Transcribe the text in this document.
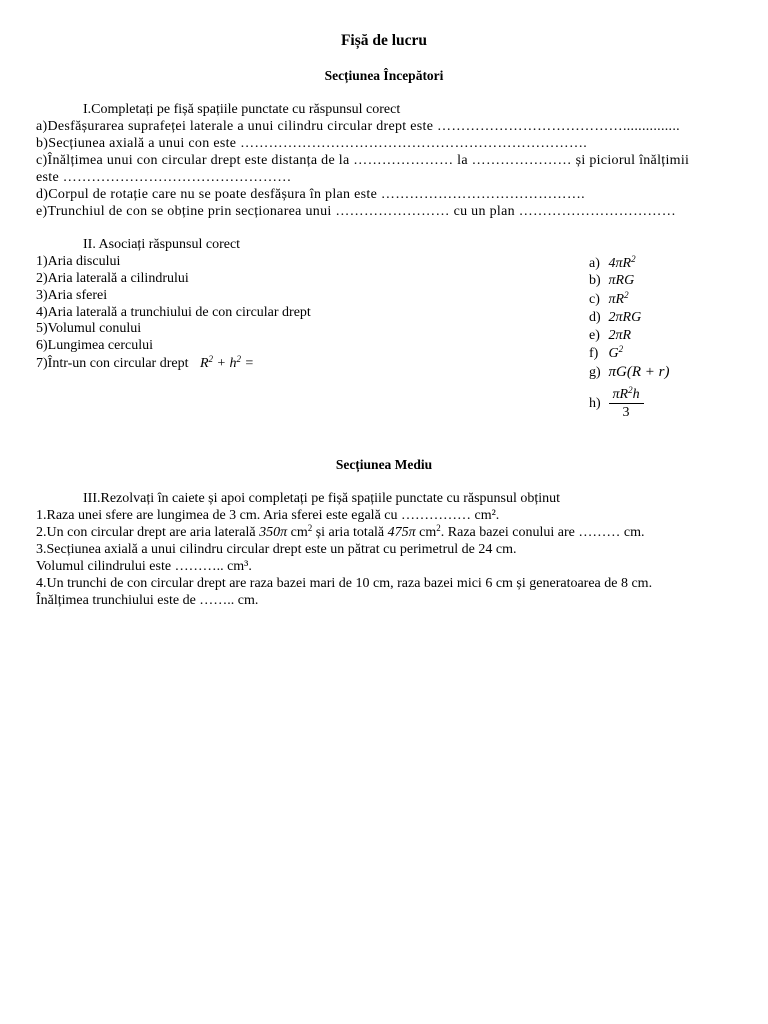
Fișă de lucru
Secțiunea Începători
I.Completați pe fișă spațiile punctate cu răspunsul corect
a)Desfășurarea suprafeței laterale a unui cilindru circular drept este …………………………………...............
b)Secțiunea axială a unui con este ……………………………………………………………….
c)Înălțimea unui con circular drept este distanța de la ………………… la ………………… și piciorul înălțimii
este …………………………………………
d)Corpul de rotație care nu se poate desfășura în plan este …………………………………….
e)Trunchiul de con se obține prin secționarea unui …………………… cu un plan ……………………………
II. Asociați răspunsul corect
1)Aria discului
2)Aria laterală a cilindrului
3)Aria sferei
4)Aria laterală a trunchiului de con circular drept
5)Volumul conului
6)Lungimea cercului
7)Într-un con circular drept $R^2 + h^2$ =
a) $4\pi R^2$
b) πRG
c) $\pi R^2$
d) 2πRG
e) 2πR
f) $G^2$
g) πG(R + r)
$h) \frac{\pi R^2h}{3}$
Secțiunea Mediu
III.Rezolvați în caiete și apoi completați pe fișă spațiile punctate cu răspunsul obținut
1.Raza unei sfere are lungimea de 3 cm. Aria sferei este egală cu …………… cm².
2.Un con circular drept are aria laterală 350π $cm^2$ și aria totală 475π $cm^2$. Raza bazei conului are ……… cm.
3.Secțiunea axială a unui cilindru circular drept este un pătrat cu perimetrul de 24 cm.
Volumul cilindrului este ……….. cm³.
4.Un trunchi de con circular drept are raza bazei mari de 10 cm, raza bazei mici 6 cm și generatoarea de 8 cm.
Înălțimea trunchiului este de …….. cm.
